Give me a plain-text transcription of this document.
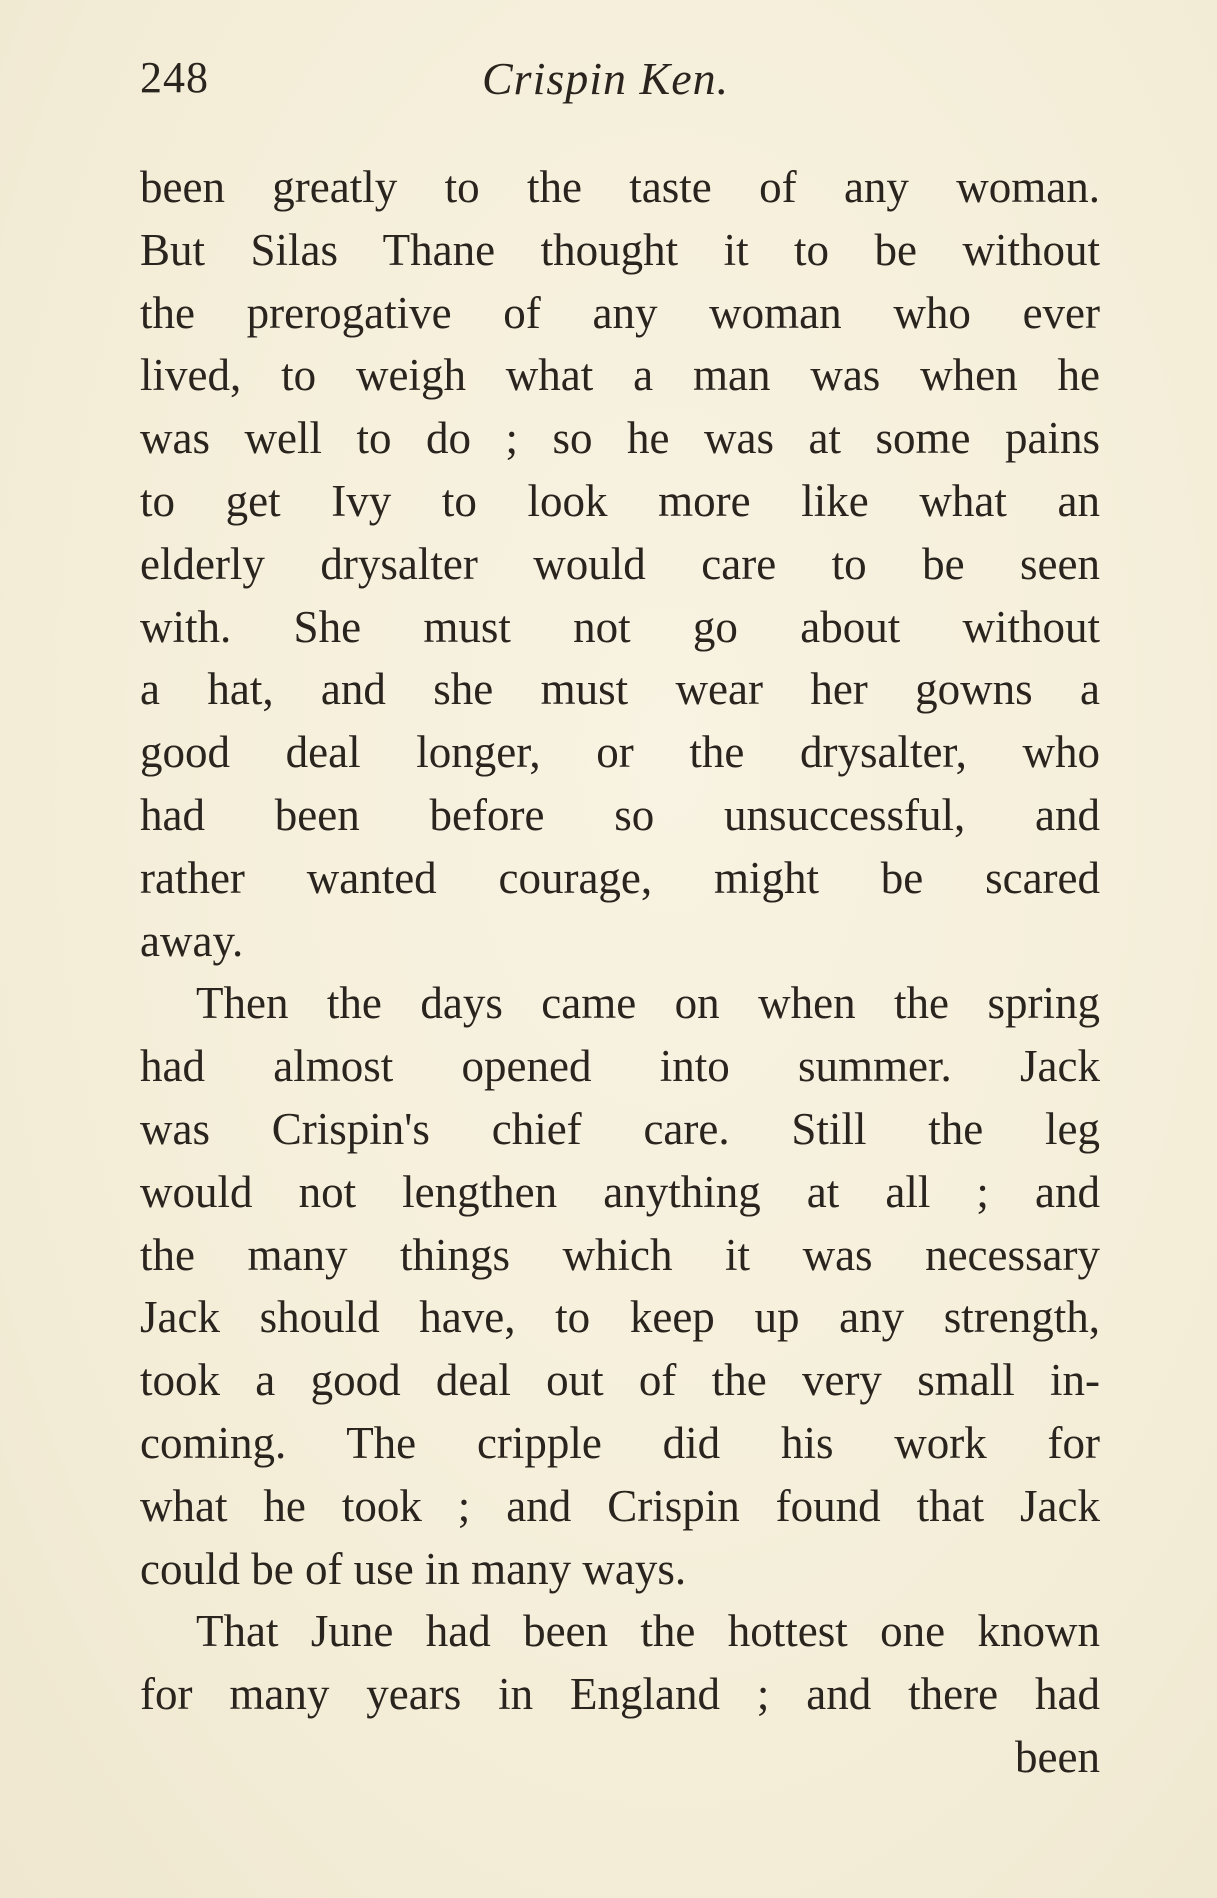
248	Crispin Ken.
been greatly to the taste of any woman.
But Silas Thane thought it to be without
the prerogative of any woman who ever
lived, to weigh what a man was when he
was well to do ; so he was at some pains
to get Ivy to look more like what an
elderly drysalter would care to be seen
with. She must not go about without
a hat, and she must wear her gowns a
good deal longer, or the drysalter, who
had been before so unsuccessful, and
rather wanted courage, might be scared
away.
Then the days came on when the spring
had almost opened into summer. Jack
was Crispin's chief care. Still the leg
would not lengthen anything at all ; and
the many things which it was necessary
Jack should have, to keep up any strength,
took a good deal out of the very small in-
coming. The cripple did his work for
what he took ; and Crispin found that Jack
could be of use in many ways.
That June had been the hottest one known
for many years in England ; and there had
been
